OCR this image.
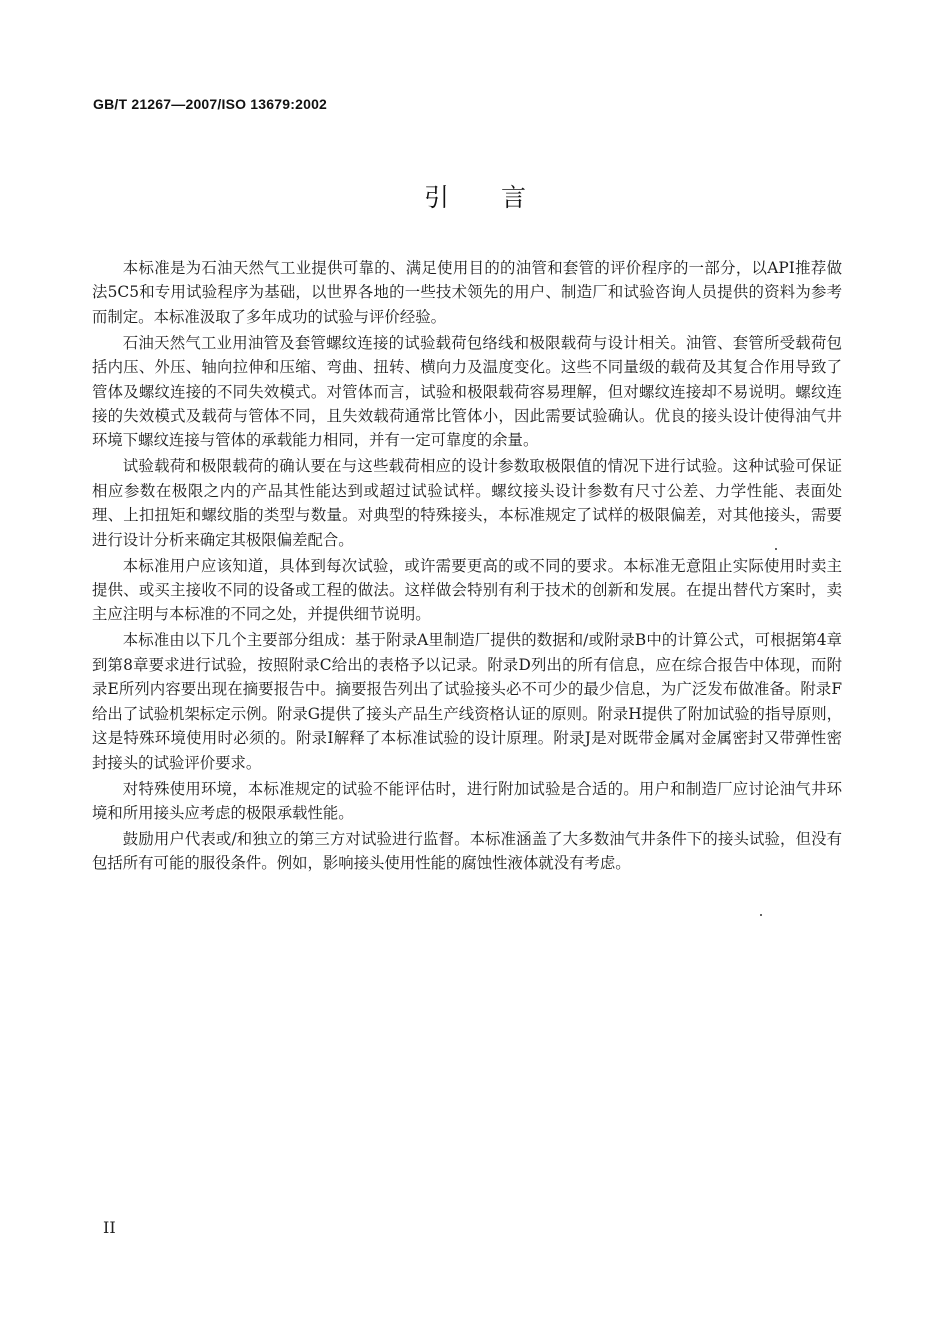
GB/T 21267—2007/ISO 13679:2002
引言

本标准是为石油天然气工业提供可靠的、满足使用目的的油管和套管的评价程序的一部分，以API推荐做法5C5和专用试验程序为基础，以世界各地的一些技术领先的用户、制造厂和试验咨询人员提供的资料为参考而制定。本标准汲取了多年成功的试验与评价经验。

石油天然气工业用油管及套管螺纹连接的试验载荷包络线和极限载荷与设计相关。油管、套管所受载荷包括内压、外压、轴向拉伸和压缩、弯曲、扭转、横向力及温度变化。这些不同量级的载荷及其复合作用导致了管体及螺纹连接的不同失效模式。对管体而言，试验和极限载荷容易理解，但对螺纹连接却不易说明。螺纹连接的失效模式及载荷与管体不同，且失效载荷通常比管体小，因此需要试验确认。优良的接头设计使得油气井环境下螺纹连接与管体的承载能力相同，并有一定可靠度的余量。

试验载荷和极限载荷的确认要在与这些载荷相应的设计参数取极限值的情况下进行试验。这种试验可保证相应参数在极限之内的产品其性能达到或超过试验试样。螺纹接头设计参数有尺寸公差、力学性能、表面处理、上扣扭矩和螺纹脂的类型与数量。对典型的特殊接头，本标准规定了试样的极限偏差，对其他接头，需要进行设计分析来确定其极限偏差配合。

本标准用户应该知道，具体到每次试验，或许需要更高的或不同的要求。本标准无意阻止实际使用时卖主提供、或买主接收不同的设备或工程的做法。这样做会特别有利于技术的创新和发展。在提出替代方案时，卖主应注明与本标准的不同之处，并提供细节说明。

本标准由以下几个主要部分组成：基于附录A里制造厂提供的数据和/或附录B中的计算公式，可根据第4章到第8章要求进行试验，按照附录C给出的表格予以记录。附录D列出的所有信息，应在综合报告中体现，而附录E所列内容要出现在摘要报告中。摘要报告列出了试验接头必不可少的最少信息，为广泛发布做准备。附录F给出了试验机架标定示例。附录G提供了接头产品生产线资格认证的原则。附录H提供了附加试验的指导原则，这是特殊环境使用时必须的。附录I解释了本标准试验的设计原理。附录J是对既带金属对金属密封又带弹性密封接头的试验评价要求。

对特殊使用环境，本标准规定的试验不能评估时，进行附加试验是合适的。用户和制造厂应讨论油气井环境和所用接头应考虑的极限承载性能。

鼓励用户代表或/和独立的第三方对试验进行监督。本标准涵盖了大多数油气井条件下的接头试验，但没有包括所有可能的服役条件。例如，影响接头使用性能的腐蚀性液体就没有考虑。

II
